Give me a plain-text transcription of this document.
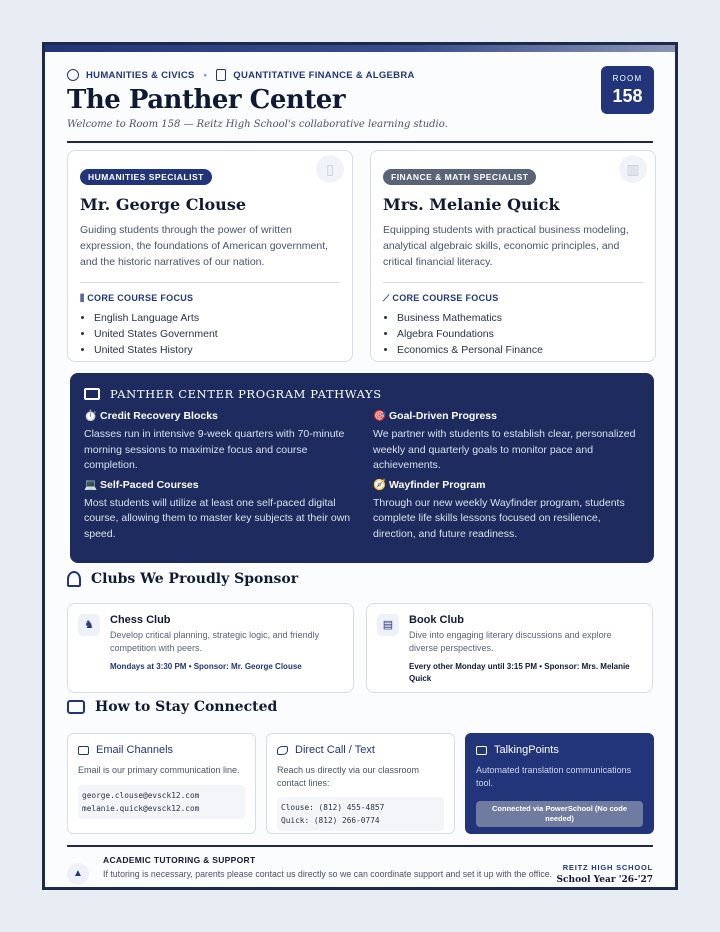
HUMANITIES & CIVICS •	QUANTITATIVE FINANCE & ALGEBRA
The Panther Center
Welcome to Room 158 — Reitz High School's collaborative learning studio.
ROOM
158
▯
HUMANITIES SPECIALIST
Mr. George Clouse

Guiding students through the power of written expression, the foundations of American government, and the historic narratives of our nation.

⫼ CORE COURSE FOCUS
• English Language Arts
• United States Government
• United States History
▥
FINANCE & MATH SPECIALIST
Mrs. Melanie Quick

Equipping students with practical business modeling, analytical algebraic skills, economic principles, and critical financial literacy.

⟋ CORE COURSE FOCUS
• Business Mathematics
• Algebra Foundations
• Economics & Personal Finance
PANTHER CENTER PROGRAM PATHWAYS
⏱️ Credit Recovery Blocks

Classes run in intensive 9-week quarters with 70-minute morning sessions to maximize focus and course completion.

🎯 Goal-Driven Progress

We partner with students to establish clear, personalized weekly and quarterly goals to monitor pace and achievements.

💻 Self-Paced Courses

Most students will utilize at least one self-paced digital course, allowing them to master key subjects at their own speed.

🧭 Wayfinder Program

Through our new weekly Wayfinder program, students complete life skills lessons focused on resilience, direction, and future readiness.

Clubs We Proudly Sponsor
♞	Chess Club

Develop critical planning, strategic logic, and friendly competition with peers.

Mondays at 3:30 PM • Sponsor: Mr. George Clouse
▤	Book Club

Dive into engaging literary discussions and explore diverse perspectives.

Every other Monday until 3:15 PM • Sponsor: Mrs. Melanie Quick
How to Stay Connected
Email Channels

Email is our primary communication line.

george.clouse@evsck12.com
melanie.quick@evsck12.com
Direct Call / Text

Reach us directly via our classroom contact lines:

Clouse: (812) 455-4857
Quick: (812) 266-0774
TalkingPoints

Automated translation communications tool.

Connected via PowerSchool (No code needed)
▲
ACADEMIC TUTORING & SUPPORT

If tutoring is necessary, parents please contact us directly so we can coordinate support and set it up with the office.

REITZ HIGH SCHOOL
School Year '26-'27
